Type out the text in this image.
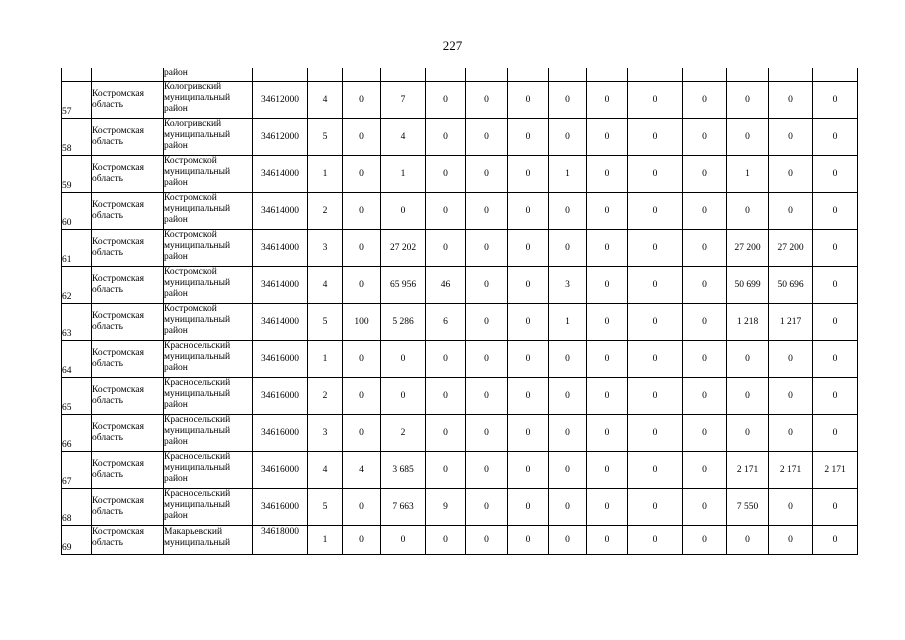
227
		район														
57	Костромская область	Кологривский муниципальный район	34612000	4	0	7	0	0	0	0	0	0	0	0	0	0
58	Костромская область	Кологривский муниципальный район	34612000	5	0	4	0	0	0	0	0	0	0	0	0	0
59	Костромская область	Костромской муниципальный район	34614000	1	0	1	0	0	0	1	0	0	0	1	0	0
60	Костромская область	Костромской муниципальный район	34614000	2	0	0	0	0	0	0	0	0	0	0	0	0
61	Костромская область	Костромской муниципальный район	34614000	3	0	27 202	0	0	0	0	0	0	0	27 200	27 200	0
62	Костромская область	Костромской муниципальный район	34614000	4	0	65 956	46	0	0	3	0	0	0	50 699	50 696	0
63	Костромская область	Костромской муниципальный район	34614000	5	100	5 286	6	0	0	1	0	0	0	1 218	1 217	0
64	Костромская область	Красносельский муниципальный район	34616000	1	0	0	0	0	0	0	0	0	0	0	0	0
65	Костромская область	Красносельский муниципальный район	34616000	2	0	0	0	0	0	0	0	0	0	0	0	0
66	Костромская область	Красносельский муниципальный район	34616000	3	0	2	0	0	0	0	0	0	0	0	0	0
67	Костромская область	Красносельский муниципальный район	34616000	4	4	3 685	0	0	0	0	0	0	0	2 171	2 171	2 171
68	Костромская область	Красносельский муниципальный район	34616000	5	0	7 663	9	0	0	0	0	0	0	7 550	0	0
69	Костромская область	Макарьевский муниципальный	34618000	1	0	0	0	0	0	0	0	0	0	0	0	0
